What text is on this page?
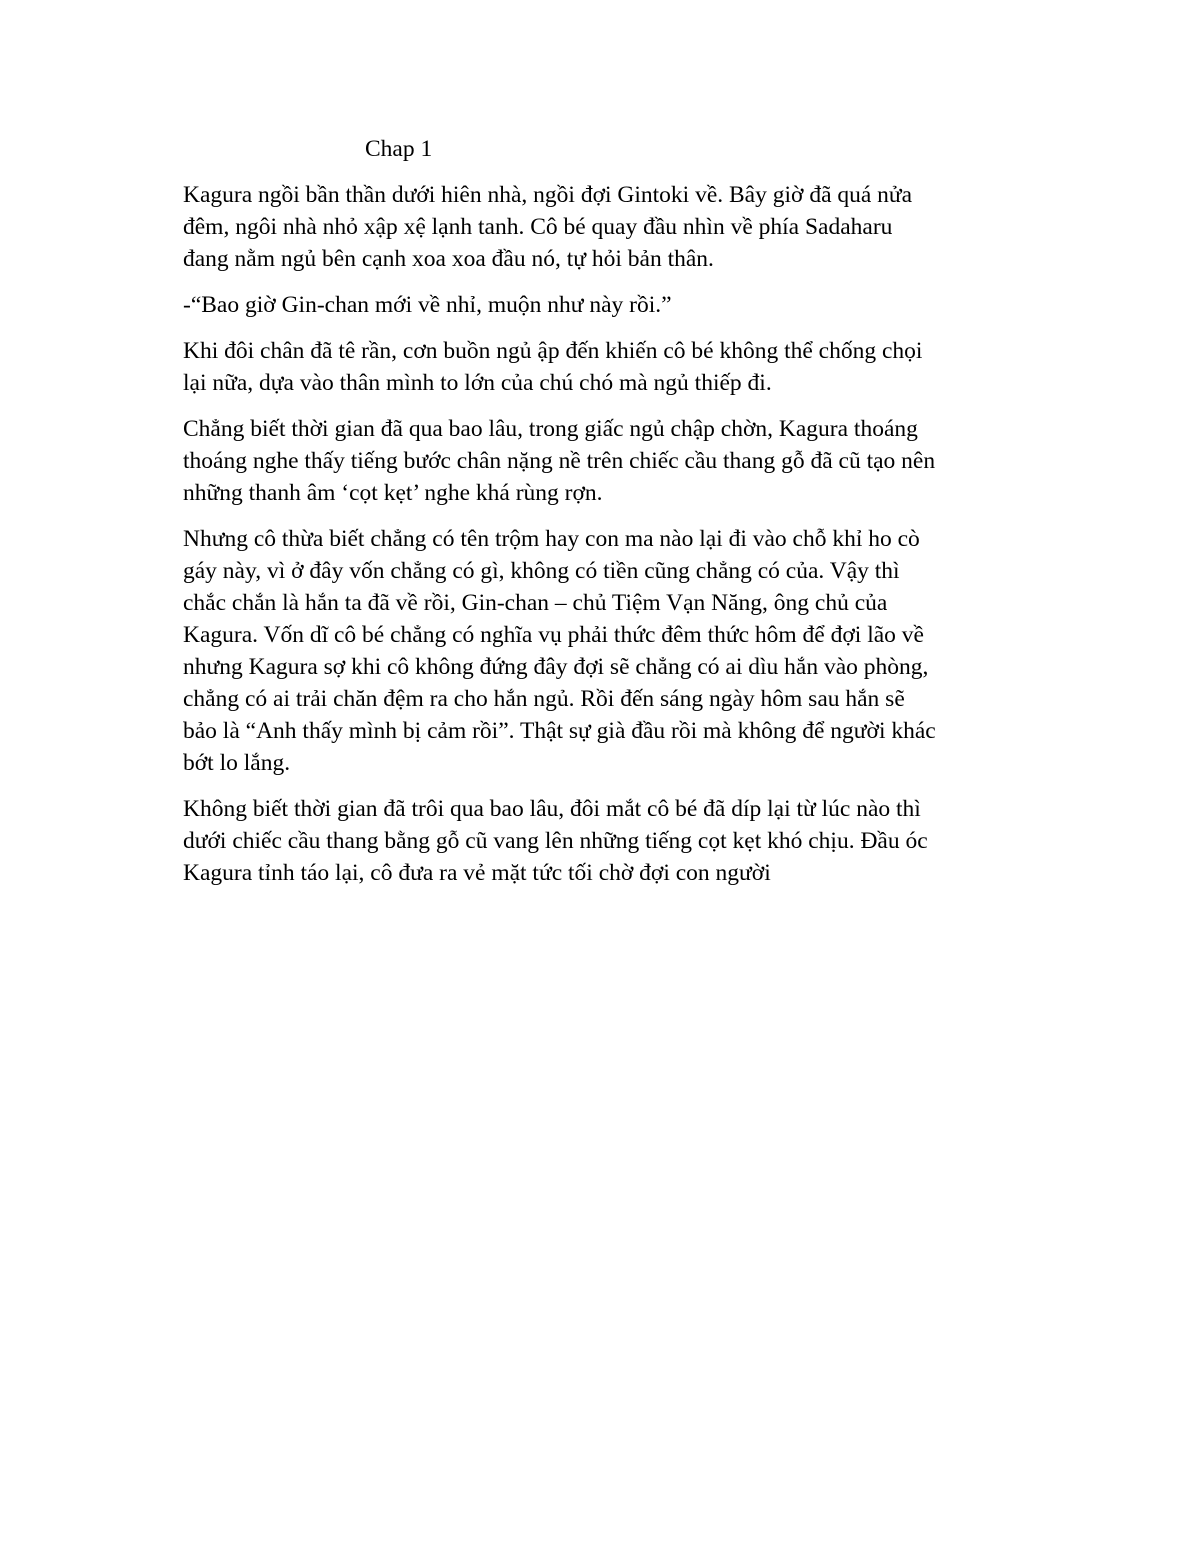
Chap 1

Kagura ngồi bần thần dưới hiên nhà, ngồi đợi Gintoki về. Bây giờ đã quá nửa
đêm, ngôi nhà nhỏ xập xệ lạnh tanh. Cô bé quay đầu nhìn về phía Sadaharu
đang nằm ngủ bên cạnh xoa xoa đầu nó, tự hỏi bản thân.

-“Bao giờ Gin-chan mới về nhỉ, muộn như này rồi.”

Khi đôi chân đã tê rần, cơn buồn ngủ ập đến khiến cô bé không thể chống chọi
lại nữa, dựa vào thân mình to lớn của chú chó mà ngủ thiếp đi.

Chẳng biết thời gian đã qua bao lâu, trong giấc ngủ chập chờn, Kagura thoáng
thoáng nghe thấy tiếng bước chân nặng nề trên chiếc cầu thang gỗ đã cũ tạo nên
những thanh âm ‘cọt kẹt’ nghe khá rùng rợn.

Nhưng cô thừa biết chẳng có tên trộm hay con ma nào lại đi vào chỗ khỉ ho cò
gáy này, vì ở đây vốn chẳng có gì, không có tiền cũng chẳng có của. Vậy thì
chắc chắn là hắn ta đã về rồi, Gin-chan – chủ Tiệm Vạn Năng, ông chủ của
Kagura. Vốn dĩ cô bé chẳng có nghĩa vụ phải thức đêm thức hôm để đợi lão về
nhưng Kagura sợ khi cô không đứng đây đợi sẽ chẳng có ai dìu hắn vào phòng,
chẳng có ai trải chăn đệm ra cho hắn ngủ. Rồi đến sáng ngày hôm sau hắn sẽ
bảo là “Anh thấy mình bị cảm rồi”. Thật sự già đầu rồi mà không để người khác
bớt lo lắng.

Không biết thời gian đã trôi qua bao lâu, đôi mắt cô bé đã díp lại từ lúc nào thì
dưới chiếc cầu thang bằng gỗ cũ vang lên những tiếng cọt kẹt khó chịu. Đầu óc
Kagura tỉnh táo lại, cô đưa ra vẻ mặt tức tối chờ đợi con người
